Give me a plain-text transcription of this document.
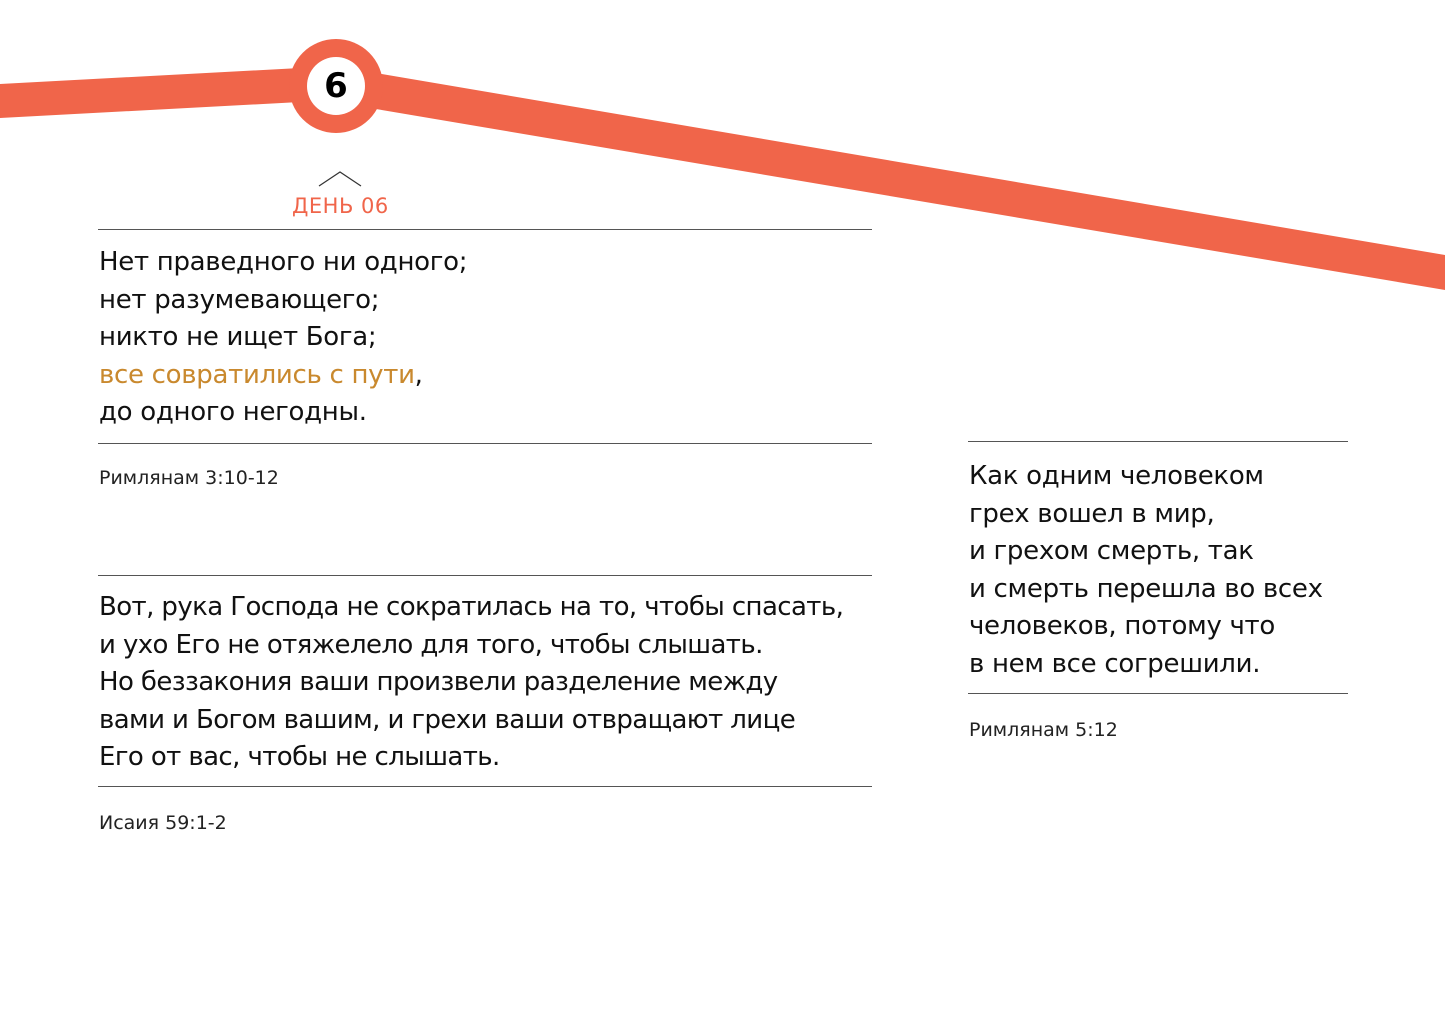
6
ДЕНЬ 06
Нет праведного ни одного;
нет разумевающего;
никто не ищет Бога;
все совратились с пути,
до одного негодны.
Римлянам 3:10-12
Вот, рука Господа не сократилась на то, чтобы спасать,
и ухо Его не отяжелело для того, чтобы слышать.
Но беззакония ваши произвели разделение между
вами и Богом вашим, и грехи ваши отвращают лице
Его от вас, чтобы не слышать.
Исаия 59:1-2
Как одним человеком
грех вошел в мир,
и грехом смерть, так
и смерть перешла во всех
человеков, потому что
в нем все согрешили.
Римлянам 5:12
